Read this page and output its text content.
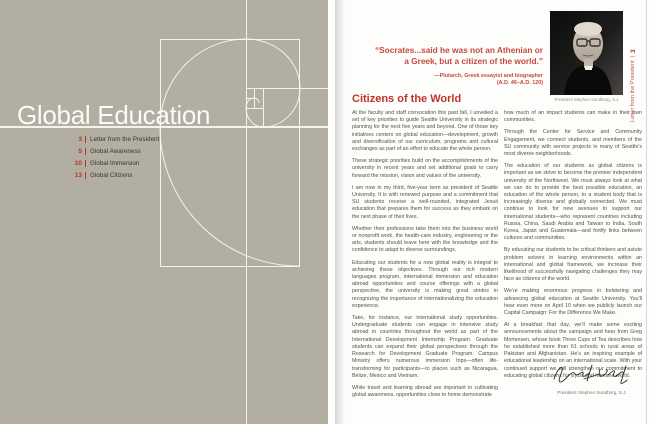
Global Education
3 Letter from the President
5 Global Awareness
10 Global Immersion
13 Global Citizens
“Socrates...said he was not an Athenian or
a Greek, but a citizen of the world.”
—Plutarch, Greek essayist and biographer
(A.D. 46–A.D. 120)
President Stephen Sundborg, S.J.	Letter from the President
|
3
Citizens of the World

At the faculty and staff convocation this past fall, I unveiled a set of key priorities to guide Seattle University in its strategic planning for the next five years and beyond. One of those key initiatives centers on global education—development, growth and diversification of our curriculum, programs and cultural exchanges as part of an effort to educate the whole person.

These strategic priorities build on the accomplishments of the university in recent years and set additional goals to carry forward the mission, vision and values of the university.

I am now in my third, five-year term as president of Seattle University. It is with renewed purpose and a commitment that SU students receive a well-rounded, integrated Jesuit education that prepares them for success as they embark on the next phase of their lives.

Whether their professions take them into the business world or nonprofit work, the health-care industry, engineering or the arts, students should leave here with the knowledge and the confidence to adapt to diverse surroundings.

Educating our students for a new global reality is integral to achieving these objectives. Through our rich modern languages program, international immersion and education abroad opportunities and course offerings with a global perspective, the university is making great strides in recognizing the importance of internationalizing the education experience.

Take, for instance, our international study opportunities. Undergraduate students can engage in intensive study abroad in countries throughout the world as part of the International Development Internship Program. Graduate students can expand their global perspectives through the Research for Development Graduate Program. Campus Ministry offers numerous immersion trips—often life-transforming for participants—to places such as Nicaragua, Belize, Mexico and Vietnam.

While travel and learning abroad are important in cultivating global awareness, opportunities close to home demonstrate

how much of an impact students can make in their own communities.

Through the Center for Service and Community Engagement, we connect students, and members of the SU community with service projects in many of Seattle’s most diverse neighborhoods.

The education of our students as global citizens is important as we strive to become the premier independent university of the Northwest. We must always look at what we can do to provide the best possible education, an education of the whole person, to a student body that is increasingly diverse and globally connected. We must continue to look for new avenues to support our international students—who represent countries including Russia, China, Saudi Arabia and Taiwan to India, South Korea, Japan and Guatemala—and fortify links between cultures and communities.

By educating our students to be critical thinkers and astute problem solvers in learning environments within an international and global framework, we increase their likelihood of successfully navigating challenges they may face as citizens of the world.

We’re making enormous progress in bolstering and advancing global education at Seattle University. You’ll hear even more on April 10 when we publicly launch our Capital Campaign: For the Difference We Make.

At a breakfast that day, we’ll make some exciting announcements about the campaign and hear from Greg Mortensen, whose book Three Cups of Tea describes how he established more than 61 schools in rural areas of Pakistan and Afghanistan. He’s an inspiring example of educational leadership on an international scale. With your continued support we will strengthen our commitment to educating global citizens for a just and humane world.

President Stephen Sundborg, S.J.
